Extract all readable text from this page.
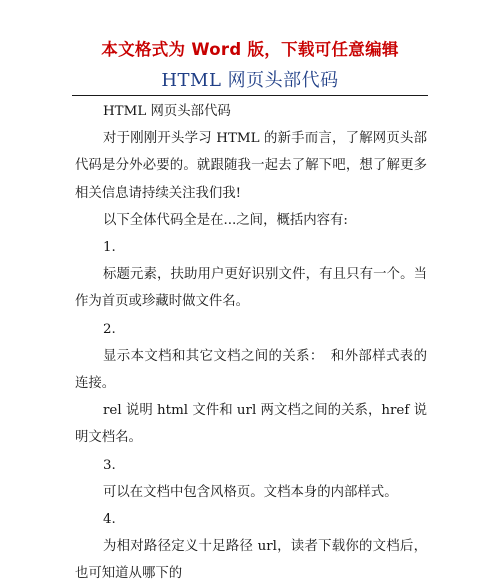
本文格式为 Word 版，下载可任意编辑
HTML 网页头部代码

HTML 网页头部代码

对于刚刚开头学习 HTML 的新手而言，了解网页头部代码是分外必要的。就跟随我一起去了解下吧，想了解更多相关信息请持续关注我们我!

以下全体代码全是在...之间，概括内容有:

1.

标题元素，扶助用户更好识别文件，有且只有一个。当作为首页或珍藏时做文件名。

2.

显示本文档和其它文档之间的关系：　和外部样式表的连接。

rel 说明 html 文件和 url 两文档之间的关系，href 说明文档名。

3.

可以在文档中包含风格页。文档本身的内部样式。

4.

为相对路径定义十足路径 url，读者下载你的文档后，也可知道从哪下的
